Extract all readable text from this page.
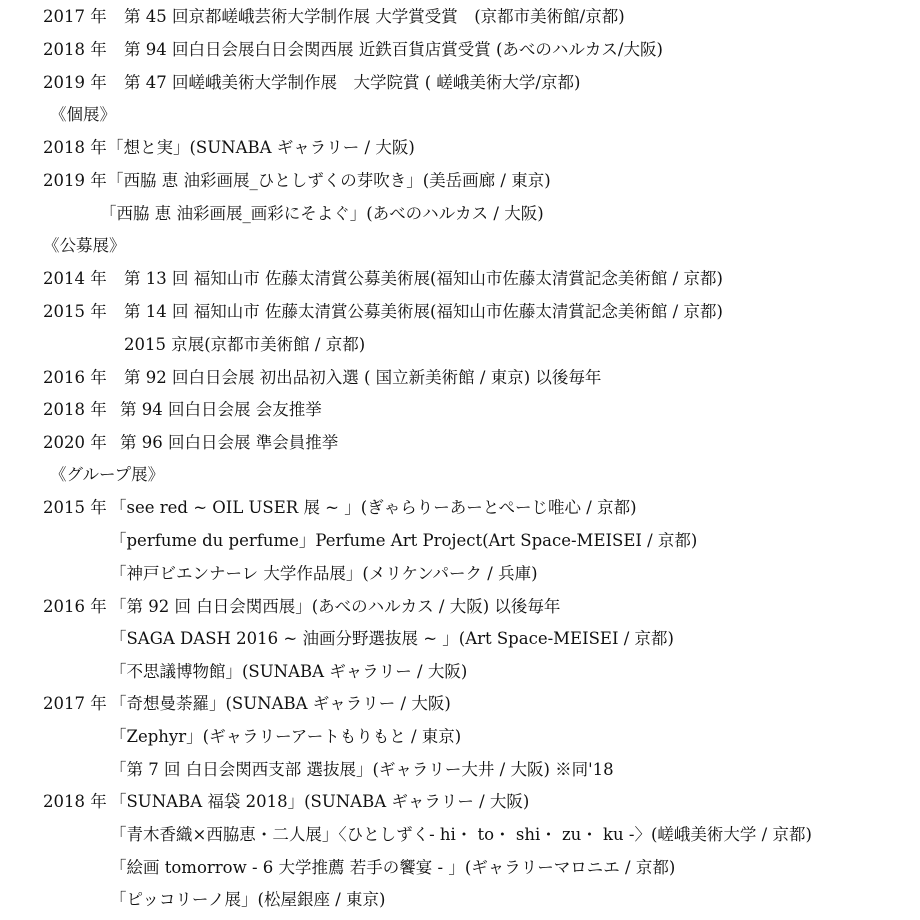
2017 年 第 45 回京都嵯峨芸術大学制作展 大学賞受賞　(京都市美術館/京都)
2018 年 第 94 回白日会展白日会関西展 近鉄百貨店賞受賞 (あべのハルカス/大阪)
2019 年 第 47 回嵯峨美術大学制作展　大学院賞 ( 嵯峨美術大学/京都)
《個展》
2018 年「想と実」(SUNABA ギャラリー / 大阪)
2019 年「西脇 恵 油彩画展_ひとしずくの芽吹き」(美岳画廊 / 東京)
「西脇 恵 油彩画展_画彩にそよぐ」(あべのハルカス / 大阪)
《公募展》
2014 年 第 13 回 福知山市 佐藤太清賞公募美術展(福知山市佐藤太清賞記念美術館 / 京都)
2015 年 第 14 回 福知山市 佐藤太清賞公募美術展(福知山市佐藤太清賞記念美術館 / 京都)
2015 京展(京都市美術館 / 京都)
2016 年 第 92 回白日会展 初出品初入選 ( 国立新美術館 / 東京) 以後毎年
2018 年 第 94 回白日会展 会友推挙
2020 年 第 96 回白日会展 準会員推挙
《グループ展》
2015 年 「see red ~ OIL USER 展 ~ 」(ぎゃらりーあーとぺーじ唯心 / 京都)
「perfume du perfume」Perfume Art Project(Art Space-MEISEI / 京都)
「神戸ビエンナーレ 大学作品展」(メリケンパーク / 兵庫)
2016 年 「第 92 回 白日会関西展」(あべのハルカス / 大阪) 以後毎年
「SAGA DASH 2016 ~ 油画分野選抜展 ~ 」(Art Space-MEISEI / 京都)
「不思議博物館」(SUNABA ギャラリー / 大阪)
2017 年 「奇想曼荼羅」(SUNABA ギャラリー / 大阪)
「Zephyr」(ギャラリーアートもりもと / 東京)
「第 7 回 白日会関西支部 選抜展」(ギャラリー大井 / 大阪) ※同'18
2018 年 「SUNABA 福袋 2018」(SUNABA ギャラリー / 大阪)
「青木香織×西脇恵・二人展」〈ひとしずく- hi・ to・ shi・ zu・ ku -〉(嵯峨美術大学 / 京都)
「絵画 tomorrow - 6 大学推薦 若手の饗宴 - 」(ギャラリーマロニエ / 京都)
「ピッコリーノ展」(松屋銀座 / 東京)
